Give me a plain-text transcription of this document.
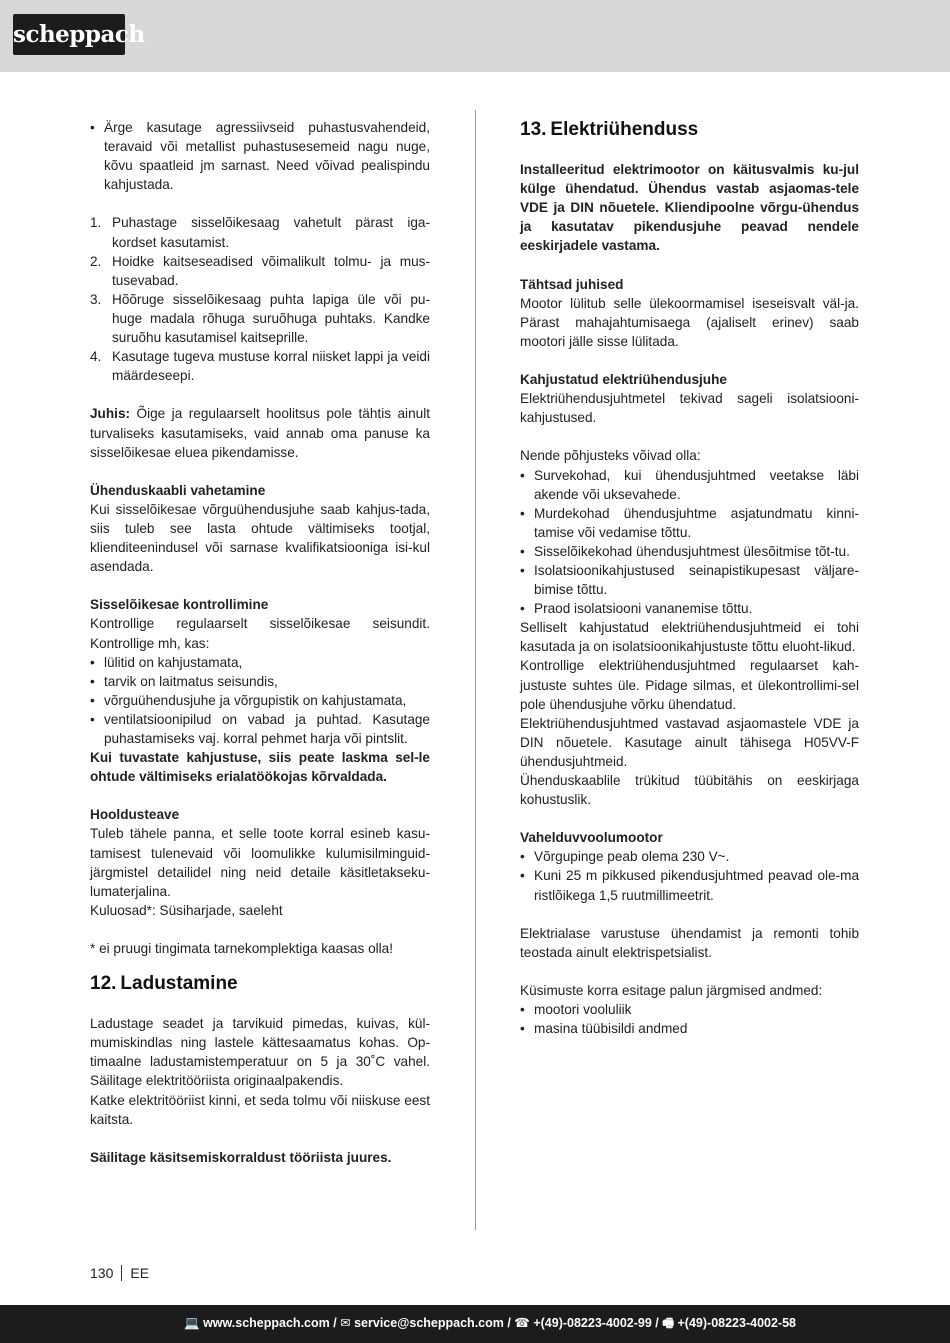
scheppach
• Ärge kasutage agressiivseid puhastusvahendeid, teravaid või metallist puhastusesemeid nagu nuge, kõvu spaatleid jm sarnast. Need võivad pealispindu kahjustada.
1. Puhastage sisselõikesaag vahetult pärast iga-kordset kasutamist.
2. Hoidke kaitseseadised võimalikult tolmu- ja mus-tusevabad.
3. Hõõruge sisselõikesaag puhta lapiga üle või pu-huge madala rõhuga suruõhuga puhtaks. Kandke suruõhu kasutamisel kaitseprille.
4. Kasutage tugeva mustuse korral niisket lappi ja veidi määrdeseepi.

Juhis: Õige ja regulaarselt hoolitsus pole tähtis ainult turvaliseks kasutamiseks, vaid annab oma panuse ka sisselõikesae eluea pikendamisse.

Ühenduskaabli vahetamine

Kui sisselõikesae võrguühendusjuhe saab kahjus-tada, siis tuleb see lasta ohtude vältimiseks tootjal, klienditeenindusel või sarnase kvalifikatsiooniga isi-kul asendada.

Sisselõikesae kontrollimine

Kontrollige regulaarselt sisselõikesae seisundit. Kontrollige mh, kas:

• lülitid on kahjustamata,
• tarvik on laitmatus seisundis,
• võrguühendusjuhe ja võrgupistik on kahjustamata,
• ventilatsioonipilud on vabad ja puhtad. Kasutage puhastamiseks vaj. korral pehmet harja või pintslit.

Kui tuvastate kahjustuse, siis peate laskma sel-le ohtude vältimiseks erialatöökojas kõrvaldada.

Hooldusteave

Tuleb tähele panna, et selle toote korral esineb kasu-tamisest tulenevaid või loomulikke kulumisilminguid-järgmistel detailidel ning neid detaile käsitletakseku-lumaterjalina.

Kuluosad*: Süsiharjade, saeleht

* ei pruugi tingimata tarnekomplektiga kaasas olla!

12. Ladustamine

Ladustage seadet ja tarvikuid pimedas, kuivas, kül-mumiskindlas ning lastele kättesaamatus kohas. Op-timaalne ladustamistemperatuur on 5 ja 30˚C vahel. Säilitage elektritööriista originaalpakendis.

Katke elektritööriist kinni, et seda tolmu või niiskuse eest kaitsta.

Säilitage käsitsemiskorraldust tööriista juures.

13. Elektriühenduss

Installeeritud elektrimootor on käitusvalmis ku-jul külge ühendatud. Ühendus vastab asjaomas-tele VDE ja DIN nõuetele. Kliendipoolne võrgu-ühendus ja kasutatav pikendusjuhe peavad nendele eeskirjadele vastama.

Tähtsad juhised

Mootor lülitub selle ülekoormamisel iseseisvalt väl-ja. Pärast mahajahtumisaega (ajaliselt erinev) saab mootori jälle sisse lülitada.

Kahjustatud elektriühendusjuhe

Elektriühendusjuhtmetel tekivad sageli isolatsiooni-kahjustused.

Nende põhjusteks võivad olla:

• Survekohad, kui ühendusjuhtmed veetakse läbi akende või uksevahede.
• Murdekohad ühendusjuhtme asjatundmatu kinni-tamise või vedamise tõttu.
• Sisselõikekohad ühendusjuhtmest ülesõitmise tõt-tu.
• Isolatsioonikahjustused seinapistikupesast väljare-bimise tõttu.
• Praod isolatsiooni vananemise tõttu.

Selliselt kahjustatud elektriühendusjuhtmeid ei tohi kasutada ja on isolatsioonikahjustuste tõttu eluoht-likud.

Kontrollige elektriühendusjuhtmed regulaarset kah-justuste suhtes üle. Pidage silmas, et ülekontrollimi-sel pole ühendusjuhe võrku ühendatud.

Elektriühendusjuhtmed vastavad asjaomastele VDE ja DIN nõuetele. Kasutage ainult tähisega H05VV-F ühendusjuhtmeid.

Ühenduskaablile trükitud tüübitähis on eeskirjaga kohustuslik.

Vahelduvvoolumootor

• Võrgupinge peab olema 230 V~.
• Kuni 25 m pikkused pikendusjuhtmed peavad ole-ma ristlõikega 1,5 ruutmillimeetrit.

Elektrialase varustuse ühendamist ja remonti tohib teostada ainult elektrispetsialist.

Küsimuste korra esitage palun järgmised andmed:

• mootori vooluliik
• masina tüübisildi andmed
130 EE
💻 www.scheppach.com / ✉ service@scheppach.com / ☎ +(49)-08223-4002-99 / 🖷 +(49)-08223-4002-58
